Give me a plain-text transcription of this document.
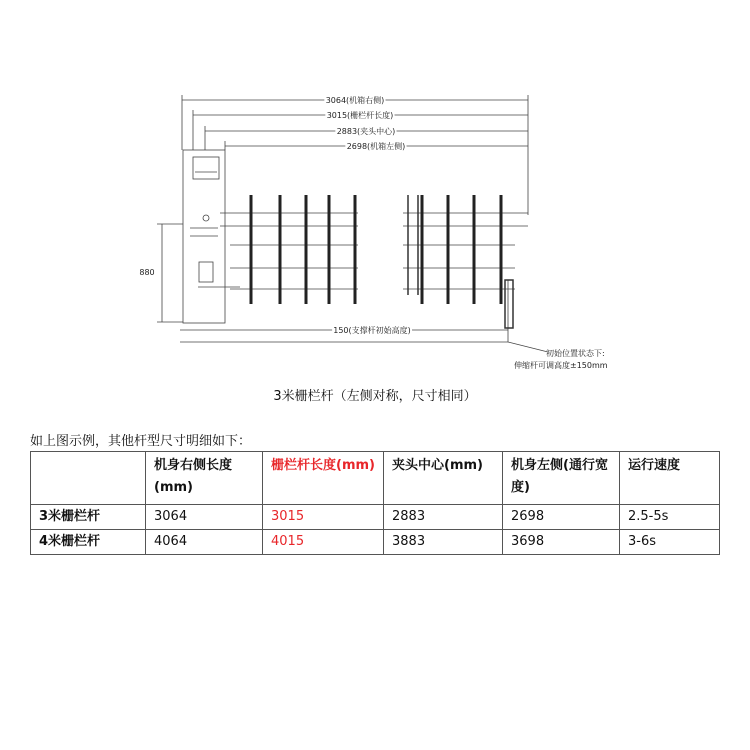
3064(机箱右侧)
3015(栅栏杆长度)
2883(夹头中心)
2698(机箱左侧)
880
150(支撑杆初始高度)
初始位置状态下:
伸缩杆可调高度±150mm
3米栅栏杆（左侧对称，尺寸相同）
如上图示例，其他杆型尺寸明细如下：
	机身右侧长度(mm)	栅栏杆长度(mm)	夹头中心(mm)	机身左侧(通行宽度)	运行速度
3米栅栏杆	3064	3015	2883	2698	2.5-5s
4米栅栏杆	4064	4015	3883	3698	3-6s
